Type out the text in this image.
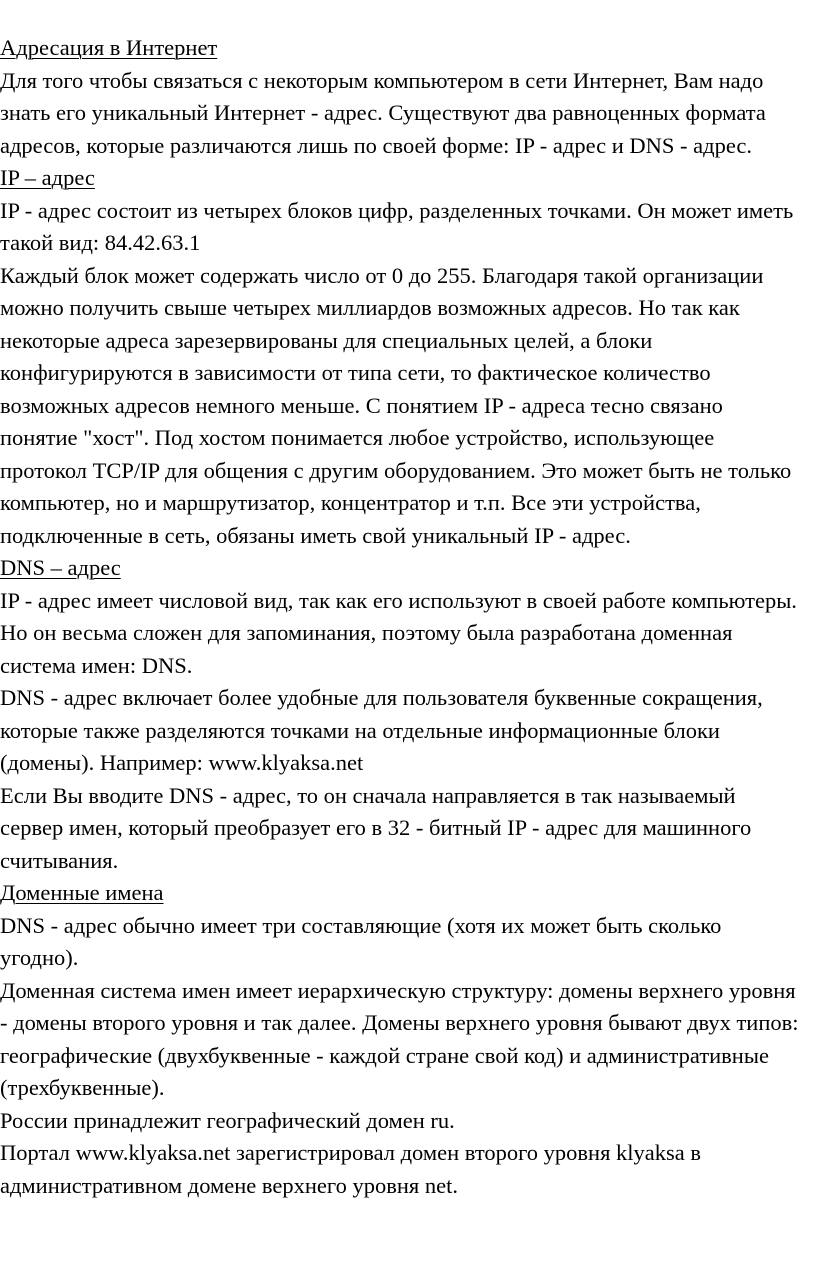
Адресация в Интернет

Для того чтобы связаться с некоторым компьютером в сети Интернет, Вам надо знать его уникальный Интернет - адрес. Существуют два равноценных формата адресов, которые различаются лишь по своей форме: IP - адрес и DNS - адрес.

IP – адрес

IP - адрес состоит из четырех блоков цифр, разделенных точками. Он может иметь такой вид: 84.42.63.1

Каждый блок может содержать число от 0 до 255. Благодаря такой организации можно получить свыше четырех миллиардов возможных адресов. Но так как некоторые адреса зарезервированы для специальных целей, а блоки конфигурируются в зависимости от типа сети, то фактическое количество возможных адресов немного меньше. С понятием IP - адреса тесно связано понятие "хост". Под хостом понимается любое устройство, использующее протокол TCP/IP для общения с другим оборудованием. Это может быть не только компьютер, но и маршрутизатор, концентратор и т.п. Все эти устройства, подключенные в сеть, обязаны иметь свой уникальный IP - адрес.

DNS – адрес

IP - адрес имеет числовой вид, так как его используют в своей работе компьютеры. Но он весьма сложен для запоминания, поэтому была разработана доменная система имен: DNS.

DNS - адрес включает более удобные для пользователя буквенные сокращения, которые также разделяются точками на отдельные информационные блоки (домены). Например: www.klyaksa.net

Если Вы вводите DNS - адрес, то он сначала направляется в так называемый сервер имен, который преобразует его в 32 - битный IP - адрес для машинного считывания.

Доменные имена

DNS - адрес обычно имеет три составляющие (хотя их может быть сколько угодно).

Доменная система имен имеет иерархическую структуру: домены верхнего уровня - домены второго уровня и так далее. Домены верхнего уровня бывают двух типов: географические (двухбуквенные - каждой стране свой код) и административные (трехбуквенные).

России принадлежит географический домен ru.

Портал www.klyaksa.net зарегистрировал домен второго уровня klyaksa в административном домене верхнего уровня net.
